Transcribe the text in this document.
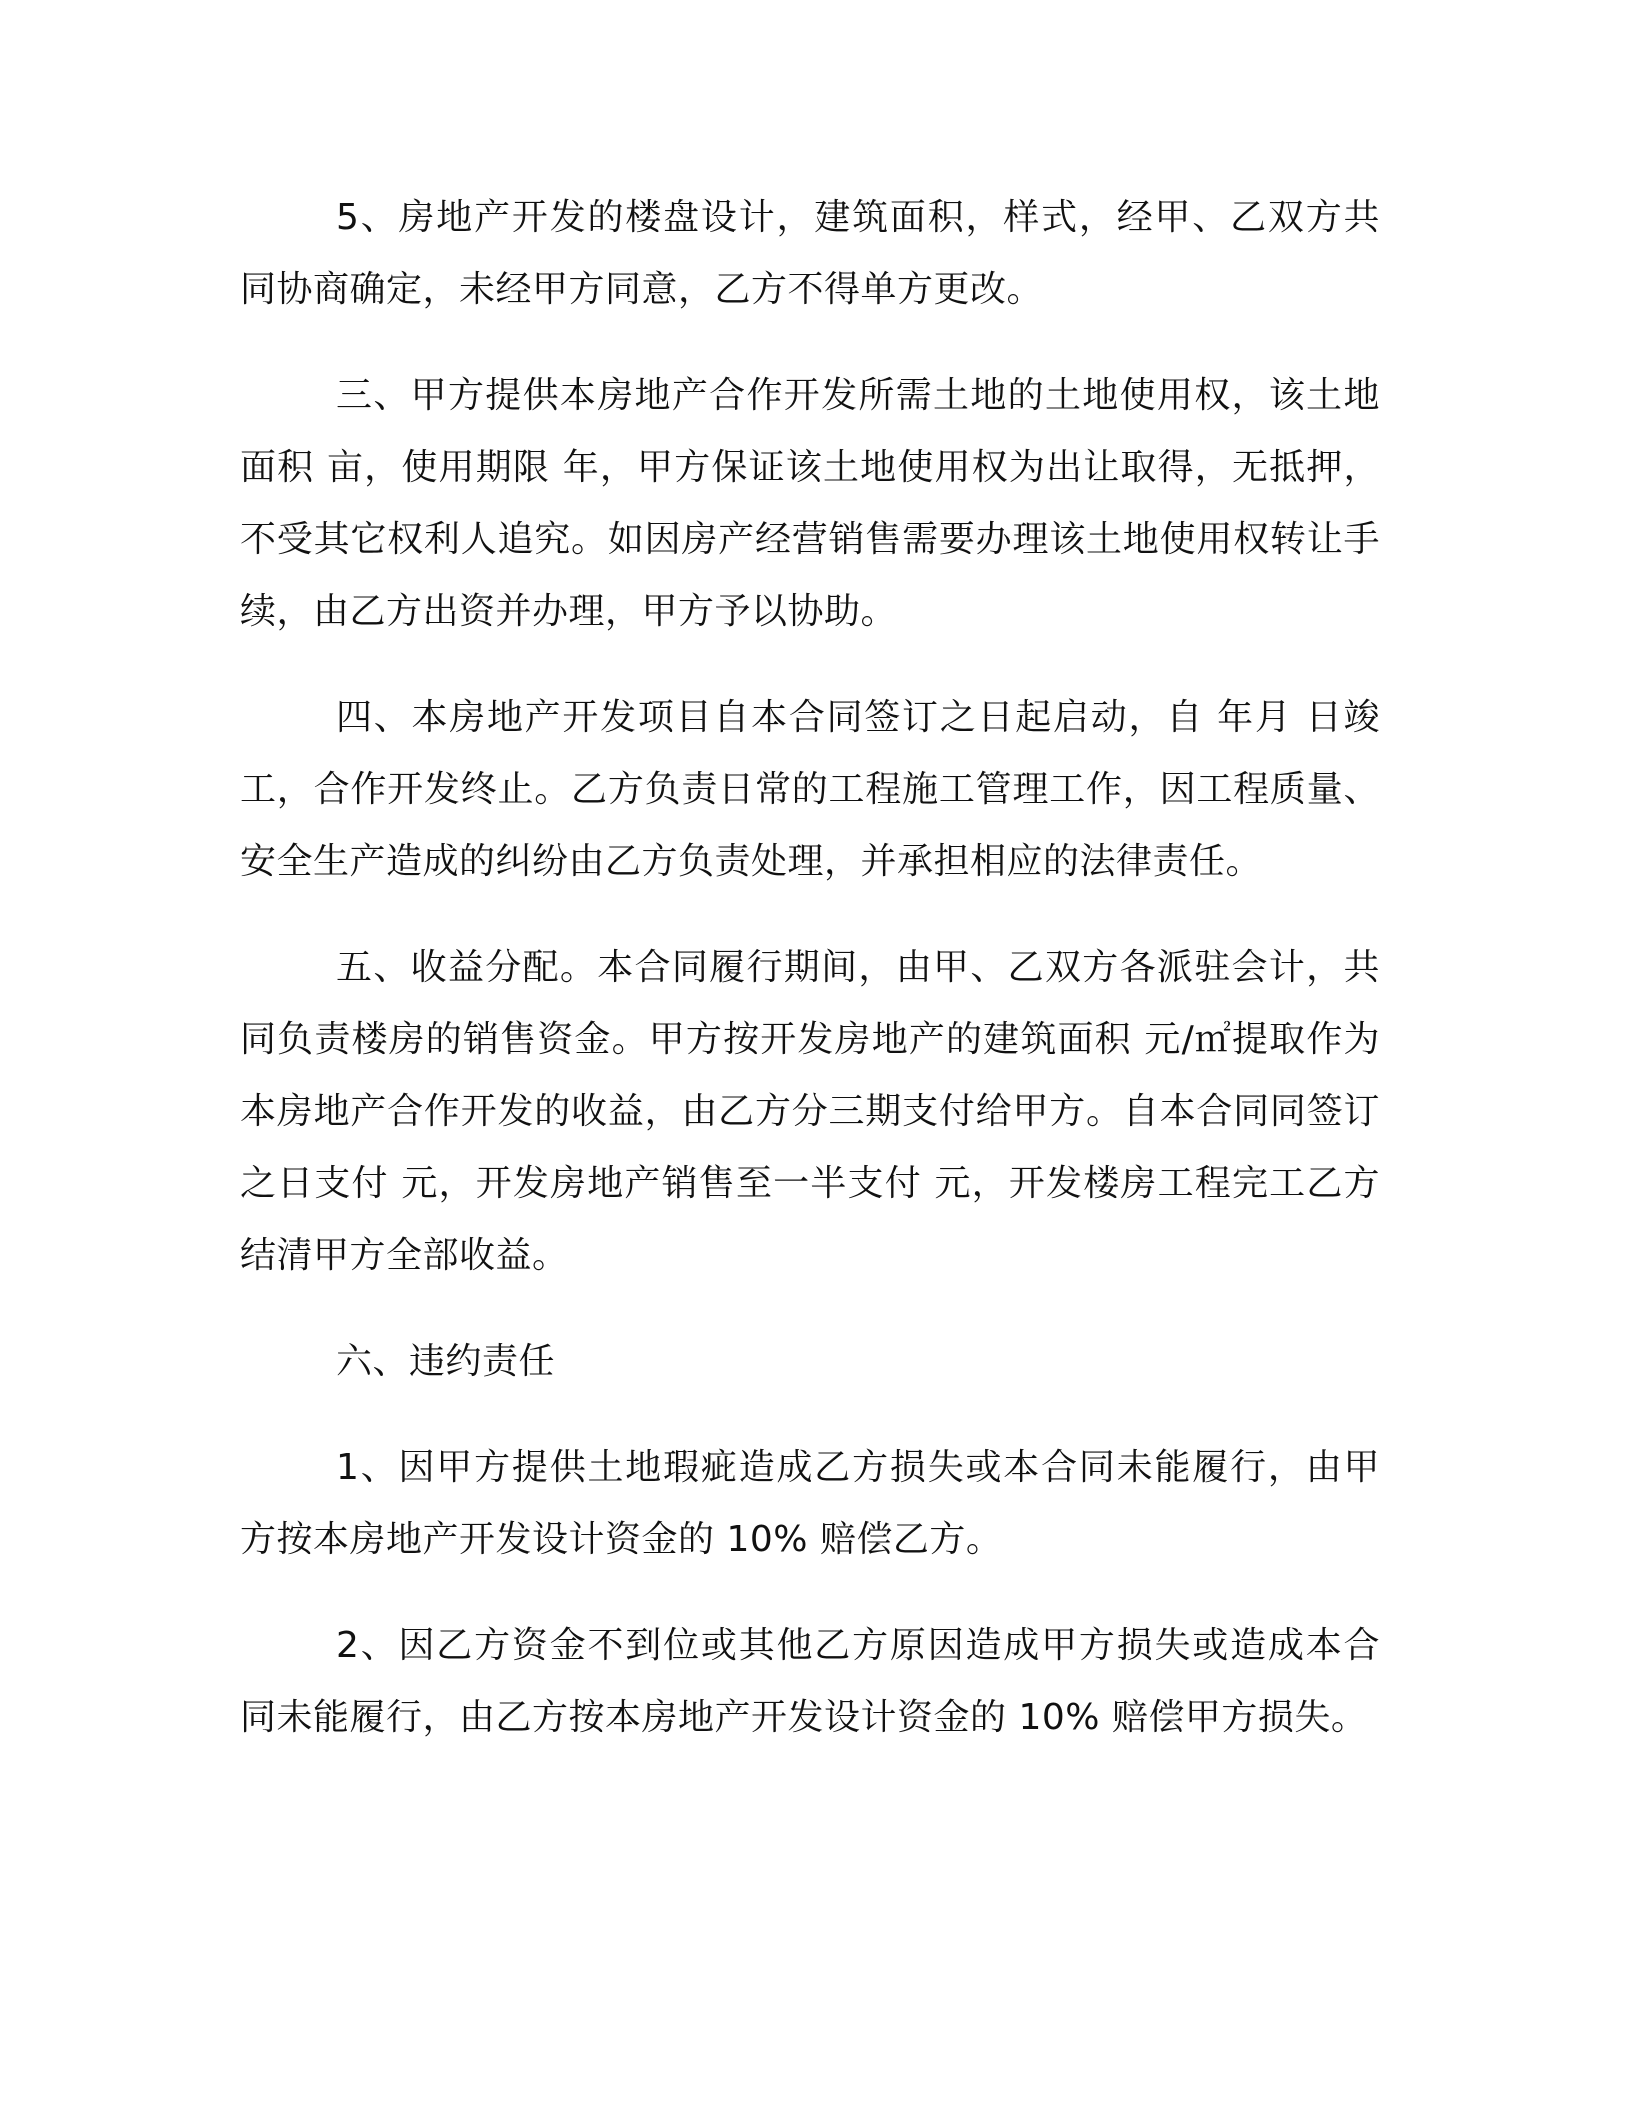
5、房地产开发的楼盘设计，建筑面积，样式，经甲、乙双方共同协商确定，未经甲方同意，乙方不得单方更改。

三、甲方提供本房地产合作开发所需土地的土地使用权，该土地面积 亩，使用期限 年，甲方保证该土地使用权为出让取得，无抵押，不受其它权利人追究。如因房产经营销售需要办理该土地使用权转让手续，由乙方出资并办理，甲方予以协助。

四、本房地产开发项目自本合同签订之日起启动，自 年月 日竣工，合作开发终止。乙方负责日常的工程施工管理工作，因工程质量、安全生产造成的纠纷由乙方负责处理，并承担相应的法律责任。

五、收益分配。本合同履行期间，由甲、乙双方各派驻会计，共同负责楼房的销售资金。甲方按开发房地产的建筑面积 元/㎡提取作为本房地产合作开发的收益，由乙方分三期支付给甲方。自本合同同签订之日支付 元，开发房地产销售至一半支付 元，开发楼房工程完工乙方结清甲方全部收益。

六、违约责任

1、因甲方提供土地瑕疵造成乙方损失或本合同未能履行，由甲方按本房地产开发设计资金的 10% 赔偿乙方。

2、因乙方资金不到位或其他乙方原因造成甲方损失或造成本合同未能履行，由乙方按本房地产开发设计资金的 10% 赔偿甲方损失。
